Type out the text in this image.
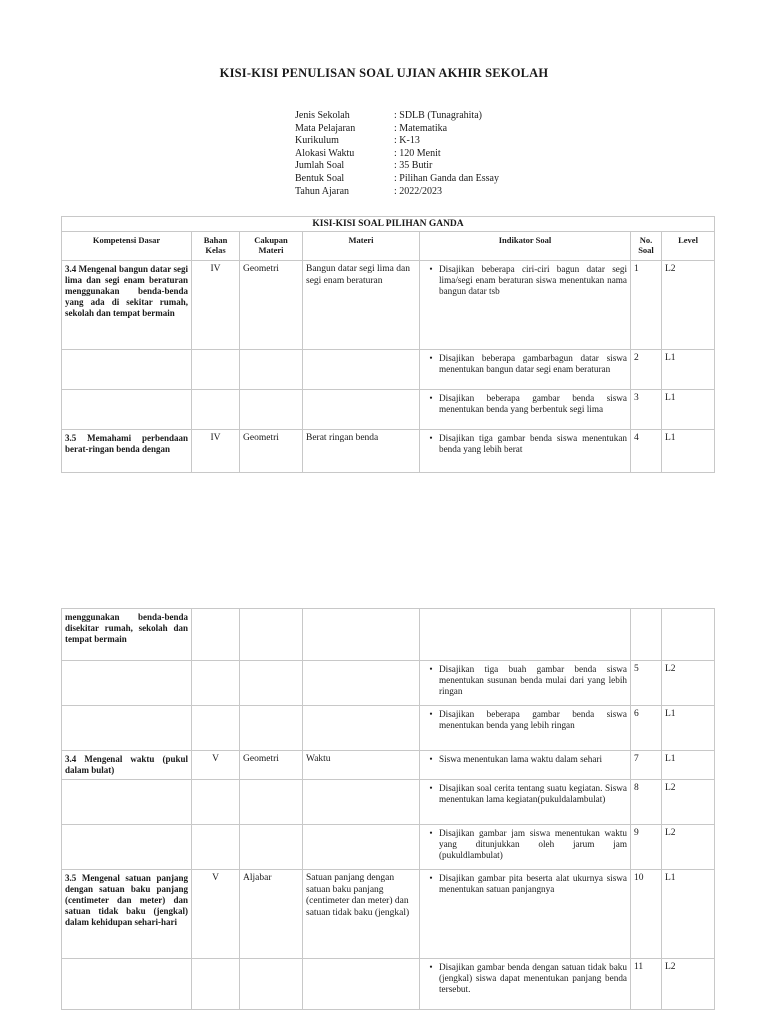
KISI-KISI PENULISAN SOAL UJIAN AKHIR SEKOLAH
Jenis Sekolah	: SDLB (Tunagrahita)
Mata Pelajaran	: Matematika
Kurikulum	: K-13
Alokasi Waktu	: 120 Menit
Jumlah Soal	: 35 Butir
Bentuk Soal	: Pilihan Ganda dan Essay
Tahun Ajaran	: 2022/2023
KISI-KISI SOAL PILIHAN GANDA						
Kompetensi Dasar	Bahan Kelas	Cakupan Materi	Materi	Indikator Soal	No. Soal	Level
3.4 Mengenal bangun datar segi lima dan segi enam beraturan menggunakan benda-benda yang ada di sekitar rumah, sekolah dan tempat bermain	IV	Geometri	Bangun datar segi lima dan segi enam beraturan	• Disajikan beberapa ciri-ciri bagun datar segi lima/segi enam beraturan siswa menentukan nama bangun datar tsb	1	L2

				• Disajikan beberapa gambarbagun datar siswa menentukan bangun datar segi enam beraturan	2	L1

				• Disajikan beberapa gambar benda siswa menentukan benda yang berbentuk segi lima	3	L1
3.5 Memahami perbendaan berat-ringan benda dengan	IV	Geometri	Berat ringan benda	• Disajikan tiga gambar benda siswa menentukan benda yang lebih berat	4	L1
menggunakan benda-benda disekitar rumah, sekolah dan tempat bermain						

				• Disajikan tiga buah gambar benda siswa menentukan susunan benda mulai dari yang lebih ringan	5	L2

				• Disajikan beberapa gambar benda siswa menentukan benda yang lebih ringan	6	L1
3.4 Mengenal waktu (pukul dalam bulat)	V	Geometri	Waktu	• Siswa menentukan lama waktu dalam sehari	7	L1

				• Disajikan soal cerita tentang suatu kegiatan. Siswa menentukan lama kegiatan(pukuldalambulat)	8	L2

				• Disajikan gambar jam siswa menentukan waktu yang ditunjukkan oleh jarum jam (pukuldlambulat)	9	L2
3.5 Mengenal satuan panjang dengan satuan baku panjang (centimeter dan meter) dan satuan tidak baku (jengkal) dalam kehidupan sehari-hari	V	Aljabar	Satuan panjang dengan satuan baku panjang (centimeter dan meter) dan satuan tidak baku (jengkal)	• Disajikan gambar pita beserta alat ukurnya siswa menentukan satuan panjangnya	10	L1

				• Disajikan gambar benda dengan satuan tidak baku (jengkal) siswa dapat menentukan panjang benda tersebut.	11	L2
